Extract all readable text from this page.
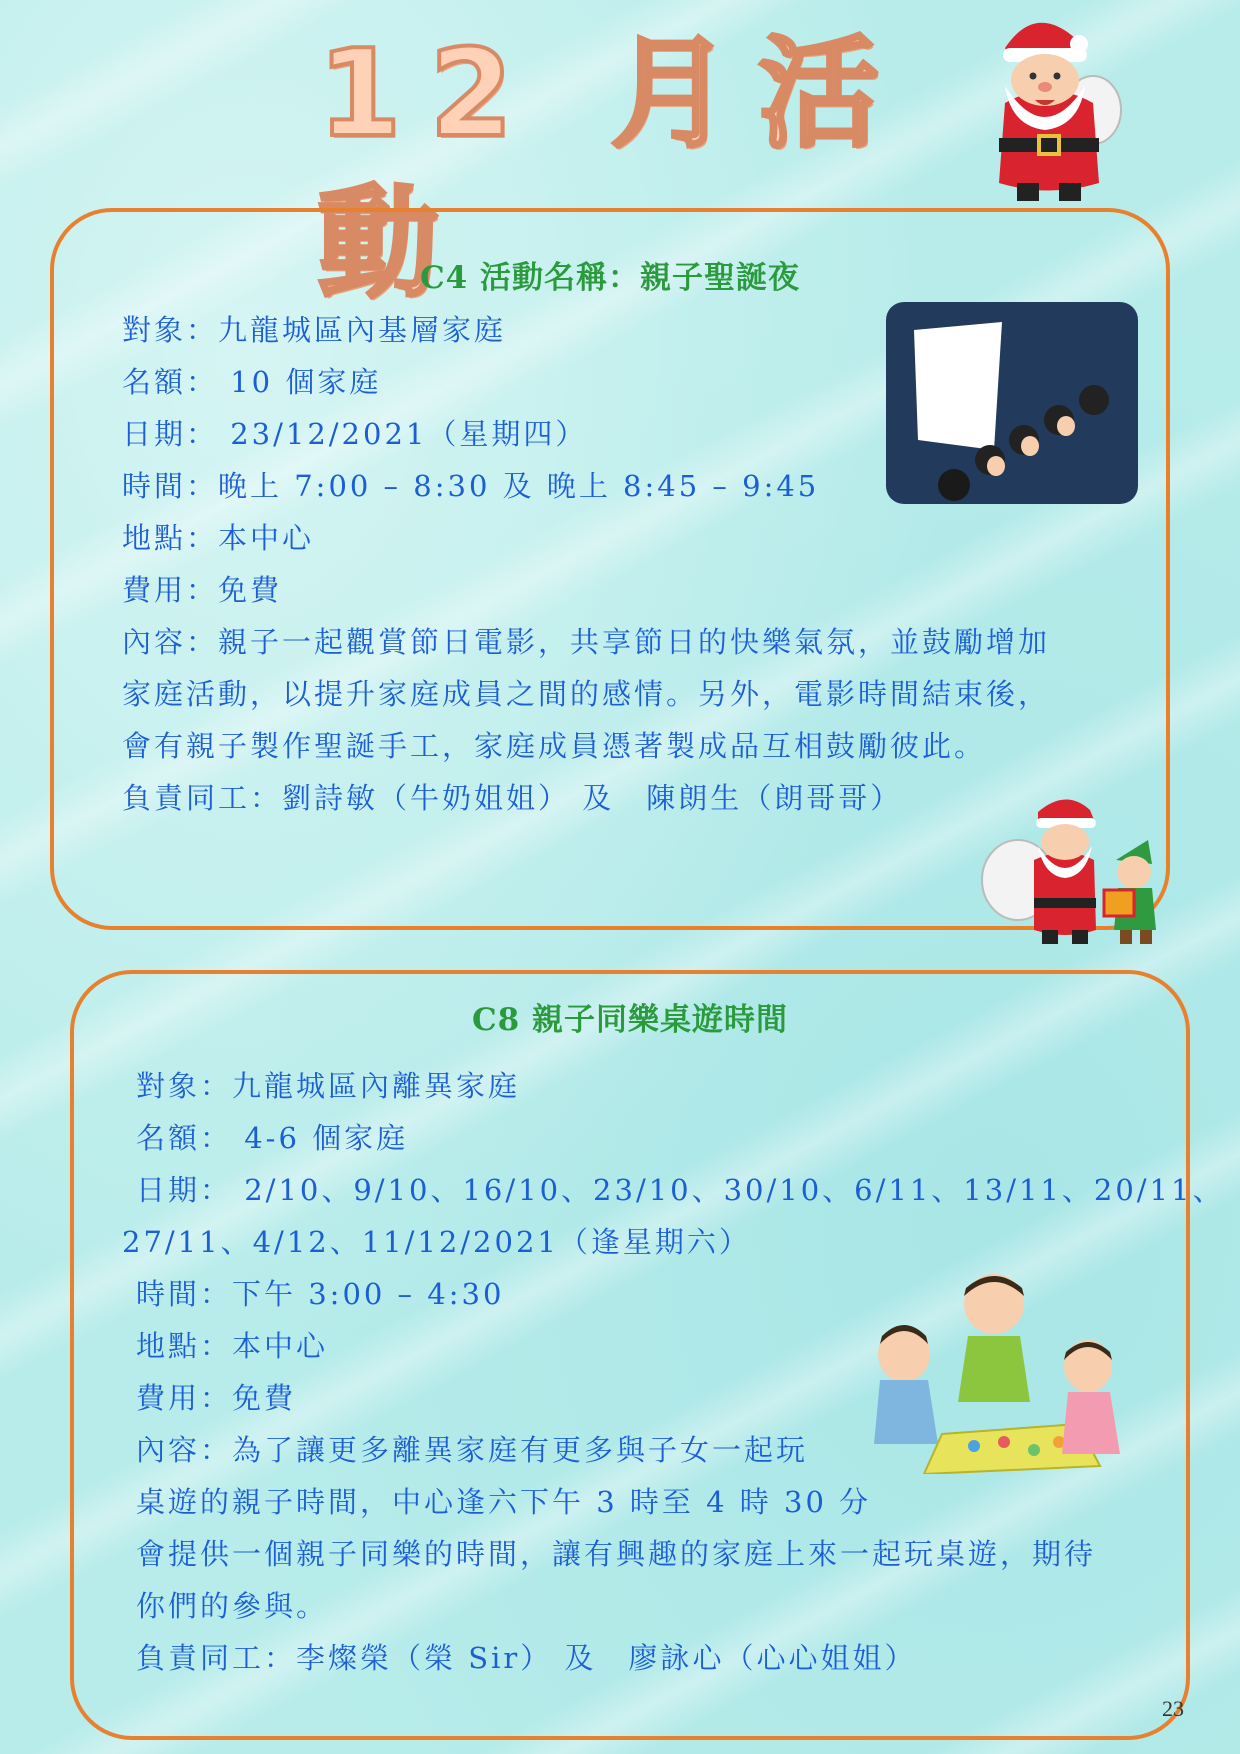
12 月活動
C4 活動名稱：親子聖誕夜
對象：九龍城區內基層家庭
名額： 10 個家庭
日期： 23/12/2021（星期四）
時間：晚上 7:00 – 8:30 及 晚上 8:45 – 9:45
地點：本中心
費用：免費
內容：親子一起觀賞節日電影，共享節日的快樂氣氛，並鼓勵增加
家庭活動，以提升家庭成員之間的感情。另外，電影時間結束後，
會有親子製作聖誕手工，家庭成員憑著製成品互相鼓勵彼此。
負責同工：劉詩敏（牛奶姐姐） 及　陳朗生（朗哥哥）
C8 親子同樂桌遊時間
對象：九龍城區內離異家庭
名額： 4-6 個家庭
日期： 2/10、9/10、16/10、23/10、30/10、6/11、13/11、20/11、
27/11、4/12、11/12/2021（逢星期六）
時間：下午 3:00 – 4:30
地點：本中心
費用：免費
內容：為了讓更多離異家庭有更多與子女一起玩
桌遊的親子時間，中心逢六下午 3 時至 4 時 30 分
會提供一個親子同樂的時間，讓有興趣的家庭上來一起玩桌遊，期待
你們的參與。
負責同工：李燦榮（榮 Sir） 及　廖詠心（心心姐姐）
23
